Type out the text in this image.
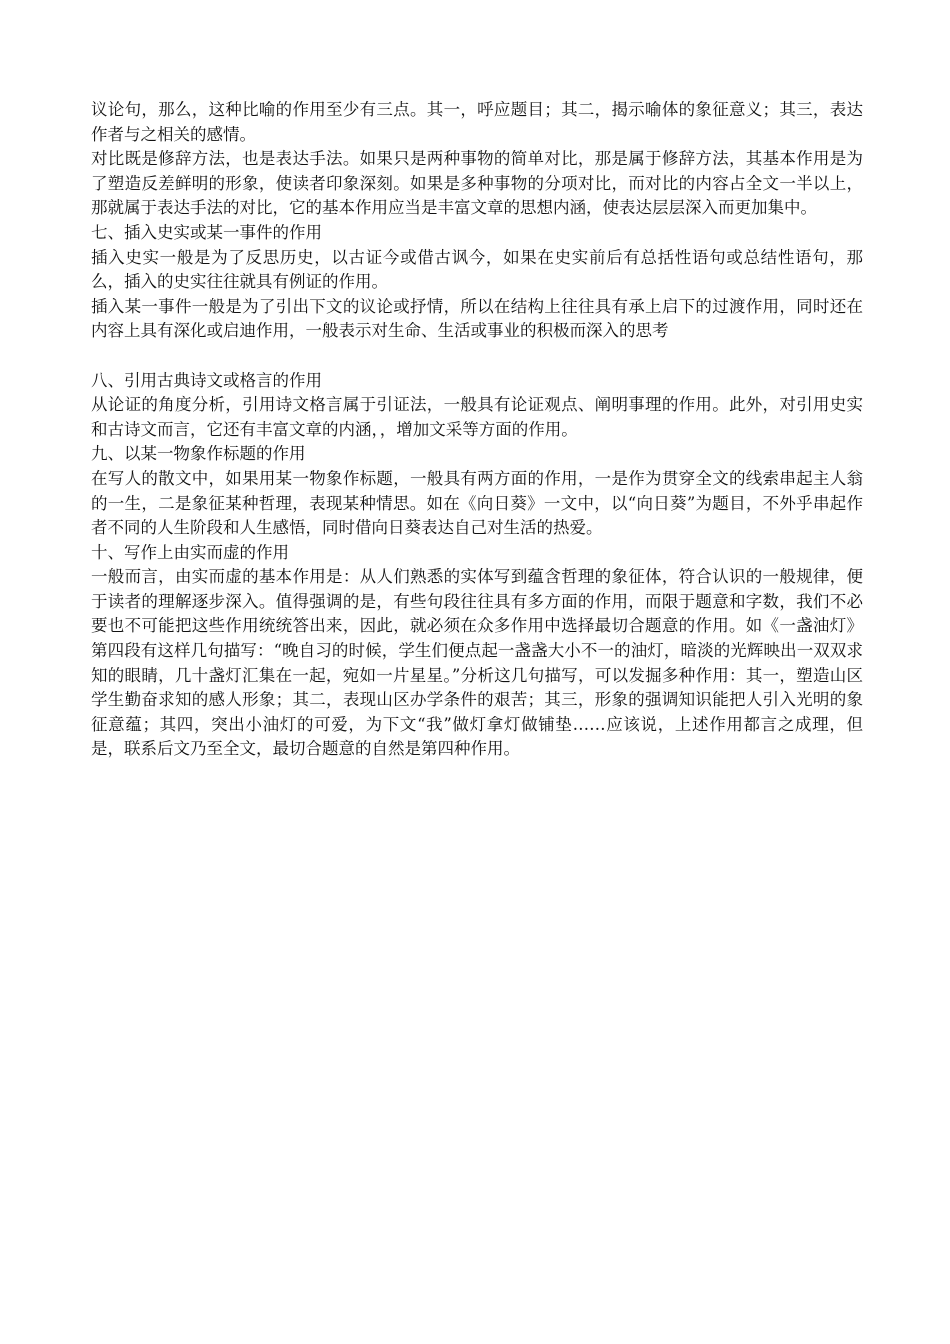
议论句，那么，这种比喻的作用至少有三点。其一，呼应题目；其二，揭示喻体的象征意义；其三，表达作者与之相关的感情。

对比既是修辞方法，也是表达手法。如果只是两种事物的简单对比，那是属于修辞方法，其基本作用是为了塑造反差鲜明的形象，使读者印象深刻。如果是多种事物的分项对比，而对比的内容占全文一半以上，那就属于表达手法的对比，它的基本作用应当是丰富文章的思想内涵，使表达层层深入而更加集中。

七、插入史实或某一事件的作用

插入史实一般是为了反思历史，以古证今或借古讽今，如果在史实前后有总括性语句或总结性语句，那么，插入的史实往往就具有例证的作用。

插入某一事件一般是为了引出下文的议论或抒情，所以在结构上往往具有承上启下的过渡作用，同时还在内容上具有深化或启迪作用，一般表示对生命、生活或事业的积极而深入的思考

八、引用古典诗文或格言的作用

从论证的角度分析，引用诗文格言属于引证法，一般具有论证观点、阐明事理的作用。此外，对引用史实和古诗文而言，它还有丰富文章的内涵，，增加文采等方面的作用。

九、以某一物象作标题的作用

在写人的散文中，如果用某一物象作标题，一般具有两方面的作用，一是作为贯穿全文的线索串起主人翁的一生，二是象征某种哲理，表现某种情思。如在《向日葵》一文中，以“向日葵”为题目，不外乎串起作者不同的人生阶段和人生感悟，同时借向日葵表达自己对生活的热爱。

十、写作上由实而虚的作用

一般而言，由实而虚的基本作用是：从人们熟悉的实体写到蕴含哲理的象征体，符合认识的一般规律，便于读者的理解逐步深入。值得强调的是，有些句段往往具有多方面的作用，而限于题意和字数，我们不必要也不可能把这些作用统统答出来，因此，就必须在众多作用中选择最切合题意的作用。如《一盏油灯》第四段有这样几句描写：“晚自习的时候，学生们便点起一盏盏大小不一的油灯，暗淡的光辉映出一双双求知的眼睛，几十盏灯汇集在一起，宛如一片星星。”分析这几句描写，可以发掘多种作用：其一，塑造山区学生勤奋求知的感人形象；其二，表现山区办学条件的艰苦；其三，形象的强调知识能把人引入光明的象征意蕴；其四，突出小油灯的可爱，为下文“我”做灯拿灯做铺垫……应该说，上述作用都言之成理，但是，联系后文乃至全文，最切合题意的自然是第四种作用。
